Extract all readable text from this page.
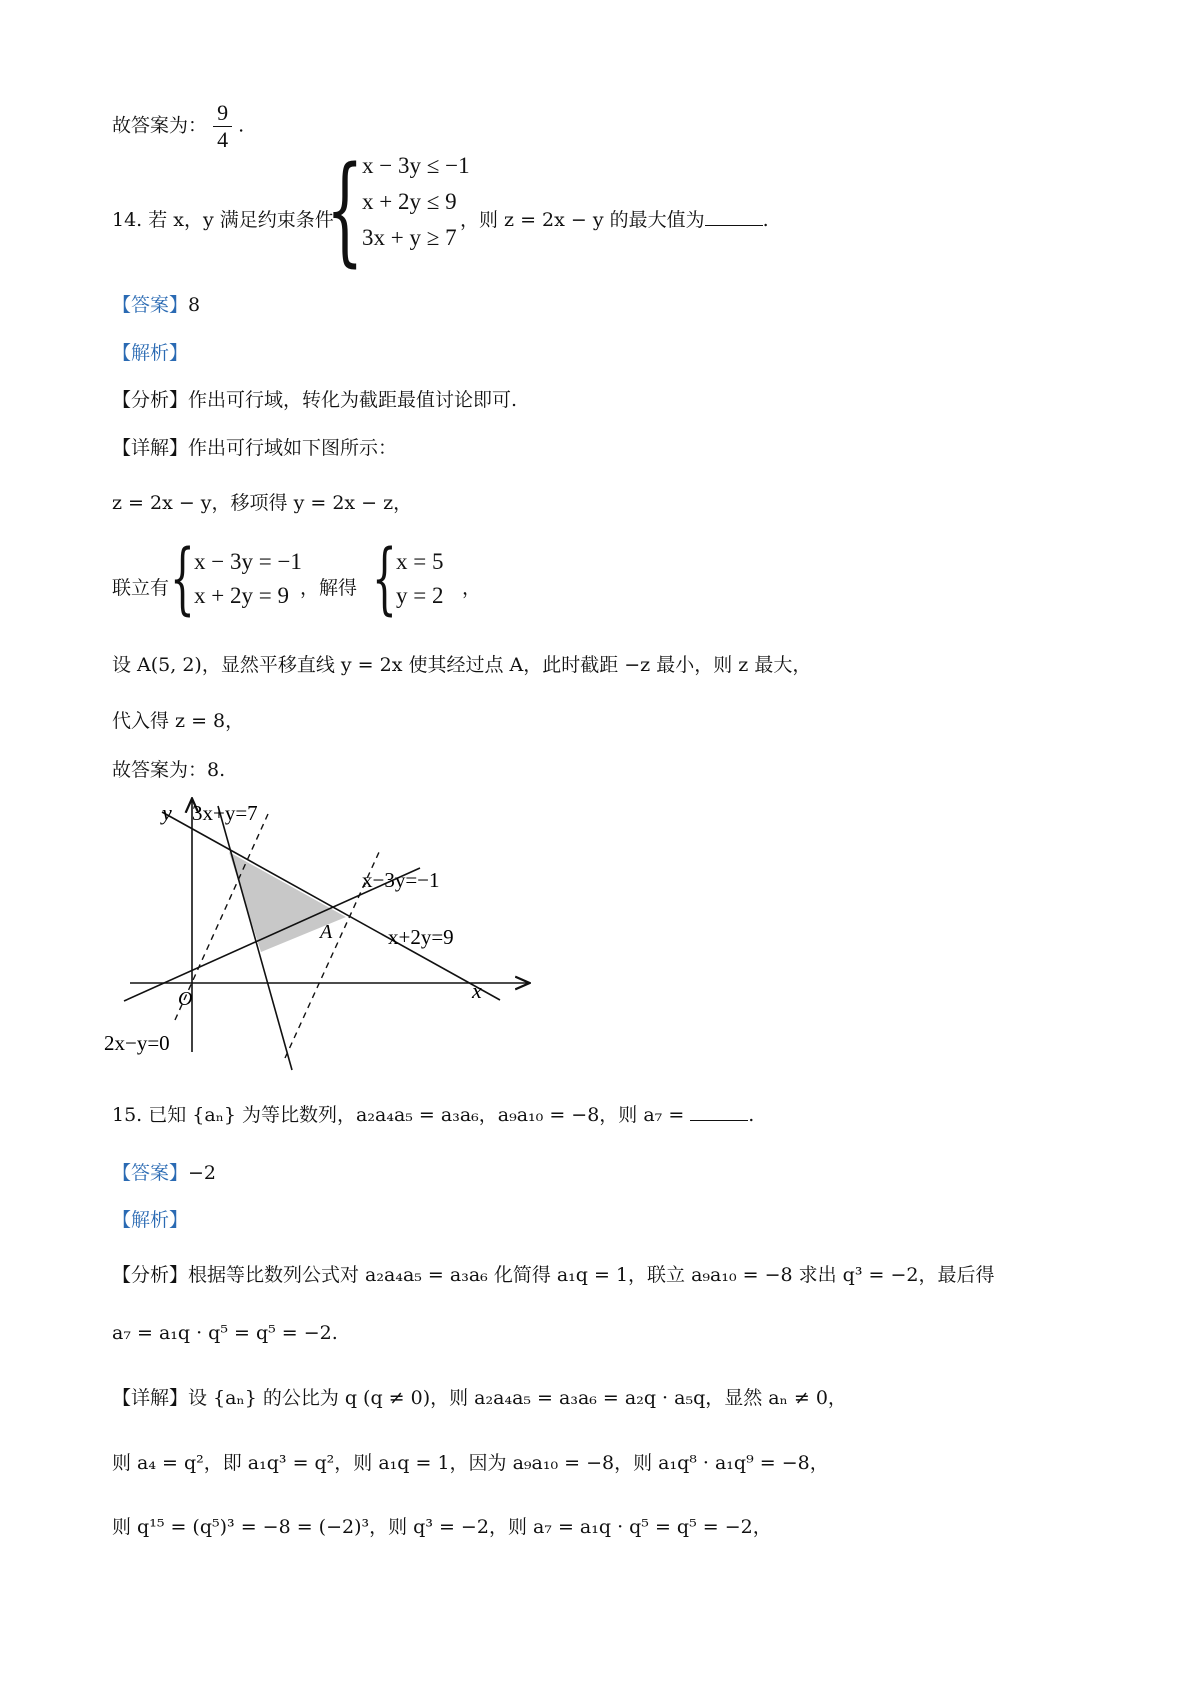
故答案为： $\frac{9}{4}$ .
14. 若 x，y 满足约束条件
{
x − 3y ≤ −1
x + 2y ≤ 9
3x + y ≥ 7
，则 z = 2x − y 的最大值为	.
【答案】8
【解析】
【分析】作出可行域，转化为截距最值讨论即可.
【详解】作出可行域如下图所示：
z = 2x − y，移项得 y = 2x − z，
联立有 { x − 3y = −1
x + 2y = 9 ，解得 { x = 5
y = 2 ，
设 A(5, 2)，显然平移直线 y = 2x 使其经过点 A，此时截距 −z 最小，则 z 最大，
代入得 z = 8，
故答案为：8.
y
x
O
A
3x+y=7
x−3y=−1
x+2y=9
2x−y=0
15. 已知 {aₙ} 为等比数列，a₂a₄a₅ = a₃a₆，a₉a₁₀ = −8，则 a₇ =	.
【答案】−2
【解析】
【分析】根据等比数列公式对 a₂a₄a₅ = a₃a₆ 化简得 a₁q = 1，联立 a₉a₁₀ = −8 求出 q³ = −2，最后得
a₇ = a₁q · q⁵ = q⁵ = −2.
【详解】设 {aₙ} 的公比为 q (q ≠ 0)，则 a₂a₄a₅ = a₃a₆ = a₂q · a₅q，显然 aₙ ≠ 0，
则 a₄ = q²，即 a₁q³ = q²，则 a₁q = 1，因为 a₉a₁₀ = −8，则 a₁q⁸ · a₁q⁹ = −8，
则 q¹⁵ = (q⁵)³ = −8 = (−2)³，则 q³ = −2，则 a₇ = a₁q · q⁵ = q⁵ = −2，
